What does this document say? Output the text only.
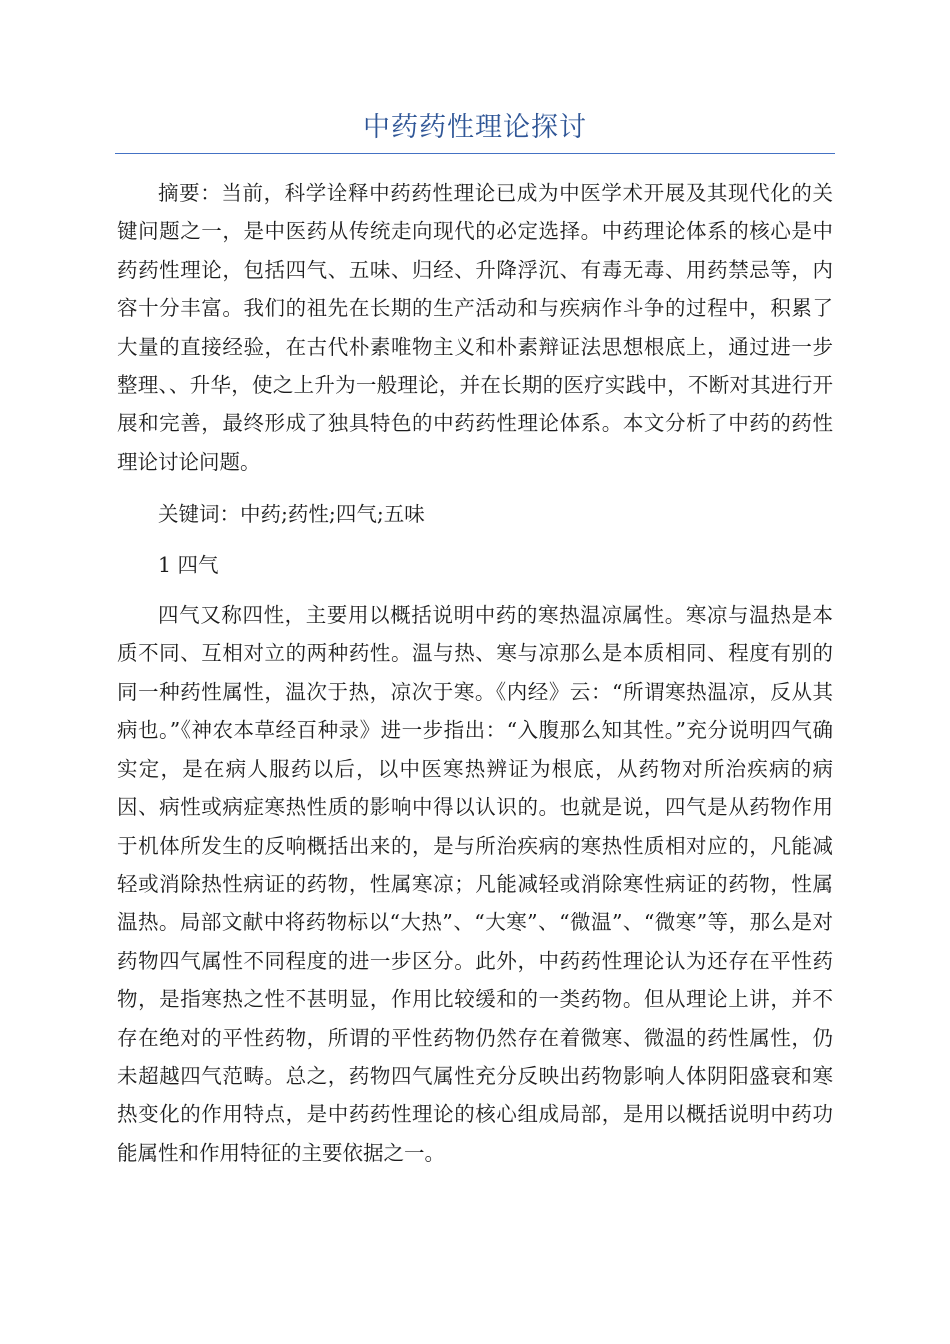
中药药性理论探讨

摘要：当前，科学诠释中药药性理论已成为中医学术开展及其现代化的关键问题之一，是中医药从传统走向现代的必定选择。中药理论体系的核心是中药药性理论，包括四气、五味、归经、升降浮沉、有毒无毒、用药禁忌等，内容十分丰富。我们的祖先在长期的生产活动和与疾病作斗争的过程中，积累了大量的直接经验，在古代朴素唯物主义和朴素辩证法思想根底上，通过进一步整理、、升华，使之上升为一般理论，并在长期的医疗实践中，不断对其进行开展和完善，最终形成了独具特色的中药药性理论体系。本文分析了中药的药性理论讨论问题。

关键词：中药;药性;四气;五味

1 四气

四气又称四性，主要用以概括说明中药的寒热温凉属性。寒凉与温热是本质不同、互相对立的两种药性。温与热、寒与凉那么是本质相同、程度有别的同一种药性属性，温次于热，凉次于寒。《内经》云：“所谓寒热温凉，反从其病也。”《神农本草经百种录》进一步指出：“入腹那么知其性。”充分说明四气确实定，是在病人服药以后，以中医寒热辨证为根底，从药物对所治疾病的病因、病性或病症寒热性质的影响中得以认识的。也就是说，四气是从药物作用于机体所发生的反响概括出来的，是与所治疾病的寒热性质相对应的，凡能减轻或消除热性病证的药物，性属寒凉；凡能减轻或消除寒性病证的药物，性属温热。局部文献中将药物标以“大热”、“大寒”、“微温”、“微寒”等，那么是对药物四气属性不同程度的进一步区分。此外，中药药性理论认为还存在平性药物，是指寒热之性不甚明显，作用比较缓和的一类药物。但从理论上讲，并不存在绝对的平性药物，所谓的平性药物仍然存在着微寒、微温的药性属性，仍未超越四气范畴。总之，药物四气属性充分反映出药物影响人体阴阳盛衰和寒热变化的作用特点，是中药药性理论的核心组成局部，是用以概括说明中药功能属性和作用特征的主要依据之一。
